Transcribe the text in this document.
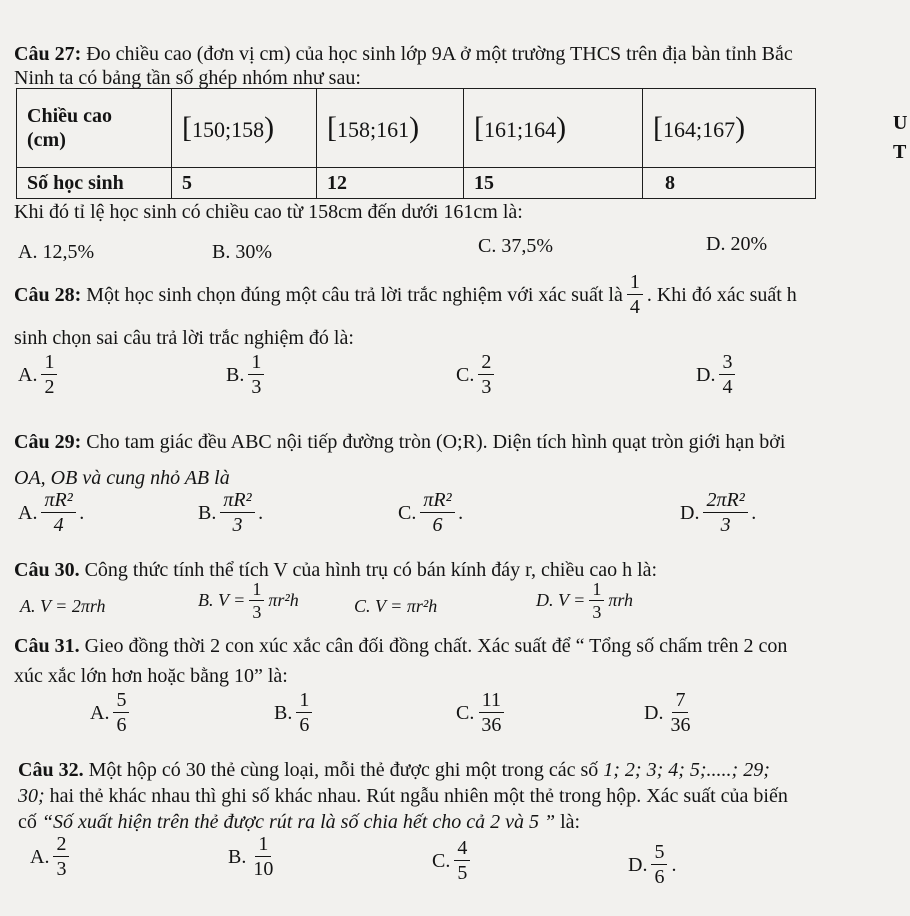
Câu 27: Đo chiều cao (đơn vị cm) của học sinh lớp 9A ở một trường THCS trên địa bàn tỉnh Bắc
Ninh ta có bảng tần số ghép nhóm như sau:
Chiều cao
(cm)	[150;158)	[158;161)	[161;164)	[164;167)
Số học sinh	5	12	15	8
U
T
Khi đó tỉ lệ học sinh có chiều cao từ 158cm đến dưới 161cm là:
A. 12,5%	B. 30%	C. 37,5%	D. 20%
Câu 28:
Một học sinh chọn đúng một câu trả lời trắc nghiệm với xác suất là $\frac{1}{4}$ . Khi đó xác suất h
sinh chọn sai câu trả lời trắc nghiệm đó là:
A. $\frac{1}{2}$	B. $\frac{1}{3}$	C. $\frac{2}{3}$	D. $\frac{3}{4}$
Câu 29: Cho tam giác đều ABC nội tiếp đường tròn (O;R). Diện tích hình quạt tròn giới hạn bởi
OA, OB và cung nhỏ AB là
A. $\frac{\text{πR²}}{4}$ .	B. $\frac{\text{πR²}}{3}$ .	C. $\frac{\text{πR²}}{6}$ .	D. $\frac{\text{2πR²}}{3}$ .
Câu 30. Công thức tính thể tích V của hình trụ có bán kính đáy r, chiều cao h là:
A. V = 2πrh	B.
$V = \frac{1}{3} \pi r^2h$	C. V = πr²h	D.
$V = \frac{1}{3}$ πrh
Câu 31. Gieo đồng thời 2 con xúc xắc cân đối đồng chất. Xác suất để “ Tổng số chấm trên 2 con
xúc xắc lớn hơn hoặc bằng 10” là:
A. $\frac{5}{6}$	B. $\frac{1}{6}$	C. $\frac{11}{36}$	D. $\frac{7}{36}$
Câu 32. Một hộp có 30 thẻ cùng loại, mỗi thẻ được ghi một trong các số 1; 2; 3; 4; 5;.....; 29;
30; hai thẻ khác nhau thì ghi số khác nhau. Rút ngẫu nhiên một thẻ trong hộp. Xác suất của biến
cố “Số xuất hiện trên thẻ được rút ra là số chia hết cho cả 2 và 5 ” là:
A. $\frac{2}{3}$	B. $\frac{1}{10}$	C. $\frac{4}{5}$	D. $\frac{5}{6}$ .
